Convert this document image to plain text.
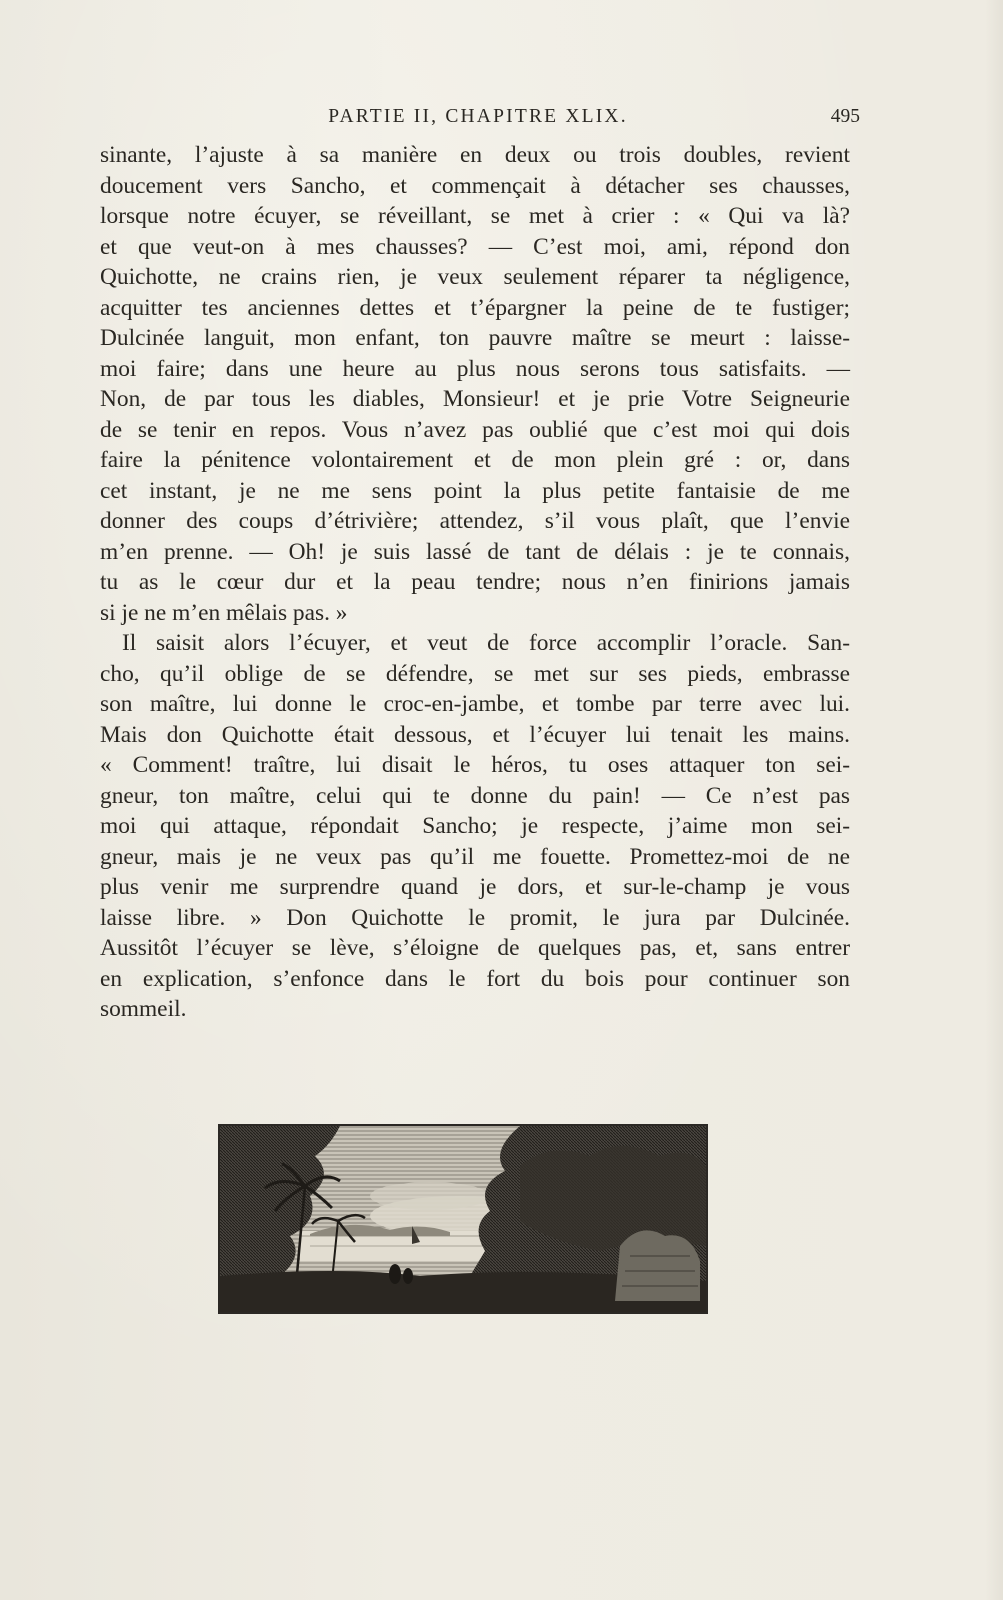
PARTIE II, CHAPITRE XLIX.	495
sinante, l’ajuste à sa manière en deux ou trois doubles, revient
doucement vers Sancho, et commençait à détacher ses chausses,
lorsque notre écuyer, se réveillant, se met à crier : « Qui va là?
et que veut-on à mes chausses? — C’est moi, ami, répond don
Quichotte, ne crains rien, je veux seulement réparer ta négligence,
acquitter tes anciennes dettes et t’épargner la peine de te fustiger;
Dulcinée languit, mon enfant, ton pauvre maître se meurt : laisse-
moi faire; dans une heure au plus nous serons tous satisfaits. —
Non, de par tous les diables, Monsieur! et je prie Votre Seigneurie
de se tenir en repos. Vous n’avez pas oublié que c’est moi qui dois
faire la pénitence volontairement et de mon plein gré : or, dans
cet instant, je ne me sens point la plus petite fantaisie de me
donner des coups d’étrivière; attendez, s’il vous plaît, que l’envie
m’en prenne. — Oh! je suis lassé de tant de délais : je te connais,
tu as le cœur dur et la peau tendre; nous n’en finirions jamais
si je ne m’en mêlais pas. »
Il saisit alors l’écuyer, et veut de force accomplir l’oracle. San-
cho, qu’il oblige de se défendre, se met sur ses pieds, embrasse
son maître, lui donne le croc-en-jambe, et tombe par terre avec lui.
Mais don Quichotte était dessous, et l’écuyer lui tenait les mains.
« Comment! traître, lui disait le héros, tu oses attaquer ton sei-
gneur, ton maître, celui qui te donne du pain! — Ce n’est pas
moi qui attaque, répondait Sancho; je respecte, j’aime mon sei-
gneur, mais je ne veux pas qu’il me fouette. Promettez-moi de ne
plus venir me surprendre quand je dors, et sur-le-champ je vous
laisse libre. » Don Quichotte le promit, le jura par Dulcinée.
Aussitôt l’écuyer se lève, s’éloigne de quelques pas, et, sans entrer
en explication, s’enfonce dans le fort du bois pour continuer son
sommeil.
